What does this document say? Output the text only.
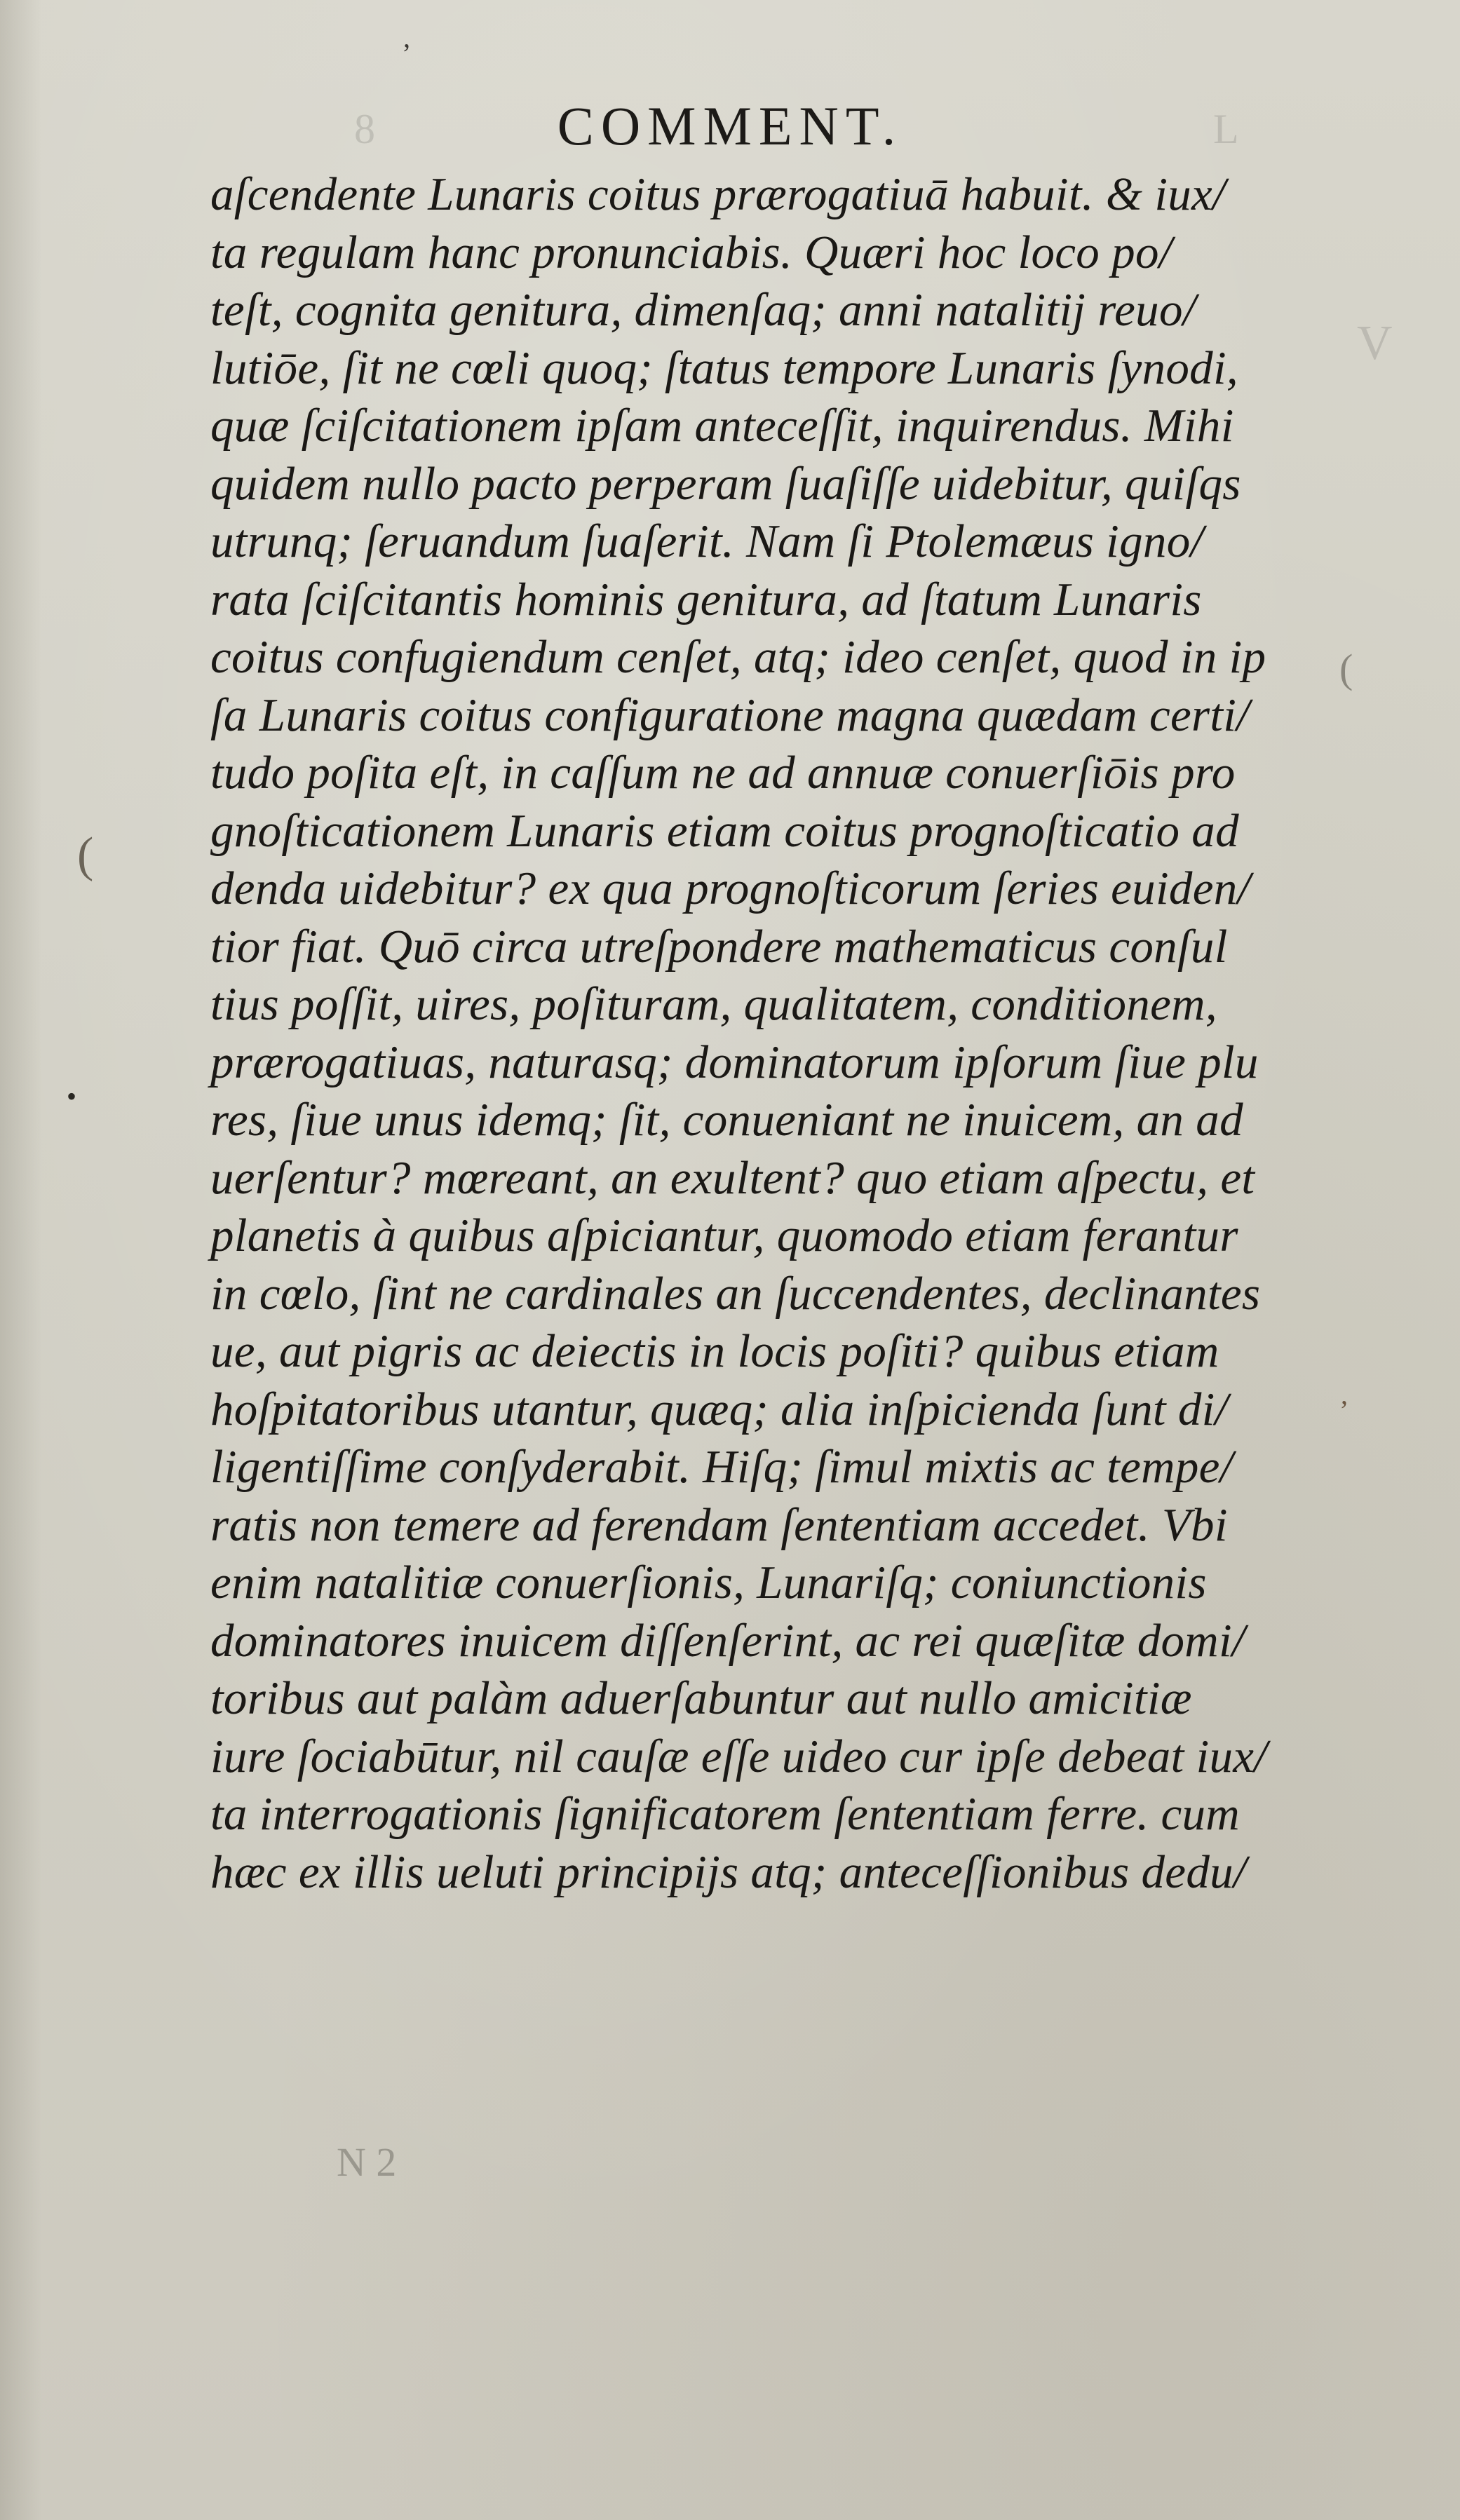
8	L
V
,
(
•
,
(
COMMENT.
aſcendente Lunaris coitus prærogatiuā habuit. & iux/
ta regulam hanc pronunciabis. Quæri hoc loco po/
teſt, cognita genitura, dimenſaq; anni natalitij reuo/
lutiōe, ſit ne cœli quoq; ſtatus tempore Lunaris ſynodi,
quæ ſciſcitationem ipſam anteceſſit, inquirendus. Mihi
quidem nullo pacto perperam ſuaſiſſe uidebitur, quiſqs
utrunq; ſeruandum ſuaſerit. Nam ſi Ptolemæus igno/
rata ſciſcitantis hominis genitura, ad ſtatum Lunaris
coitus confugiendum cenſet, atq; ideo cenſet, quod in ip
ſa Lunaris coitus configuratione magna quædam certi/
tudo poſita eſt, in caſſum ne ad annuæ conuerſiōis pro
gnoſticationem Lunaris etiam coitus prognoſticatio ad
denda uidebitur? ex qua prognoſticorum ſeries euiden/
tior fiat. Quō circa utreſpondere mathematicus conſul
tius poſſit, uires, poſituram, qualitatem, conditionem,
prærogatiuas, naturasq; dominatorum ipſorum ſiue plu
res, ſiue unus idemq; ſit, conueniant ne inuicem, an ad
uerſentur? mœreant, an exultent? quo etiam aſpectu, et
planetis à quibus aſpiciantur, quomodo etiam ferantur
in cœlo, ſint ne cardinales an ſuccendentes, declinantes
ue, aut pigris ac deiectis in locis poſiti? quibus etiam
hoſpitatoribus utantur, quæq; alia inſpicienda ſunt di/
ligentiſſime conſyderabit. Hiſq; ſimul mixtis ac tempe/
ratis non temere ad ferendam ſententiam accedet. Vbi
enim natalitiæ conuerſionis, Lunariſq; coniunctionis
dominatores inuicem diſſenſerint, ac rei quæſitæ domi/
toribus aut palàm aduerſabuntur aut nullo amicitiæ
iure ſociabūtur, nil cauſæ eſſe uideo cur ipſe debeat iux/
ta interrogationis ſignificatorem ſententiam ferre. cum
hæc ex illis ueluti principijs atq; anteceſſionibus dedu/
N 2
